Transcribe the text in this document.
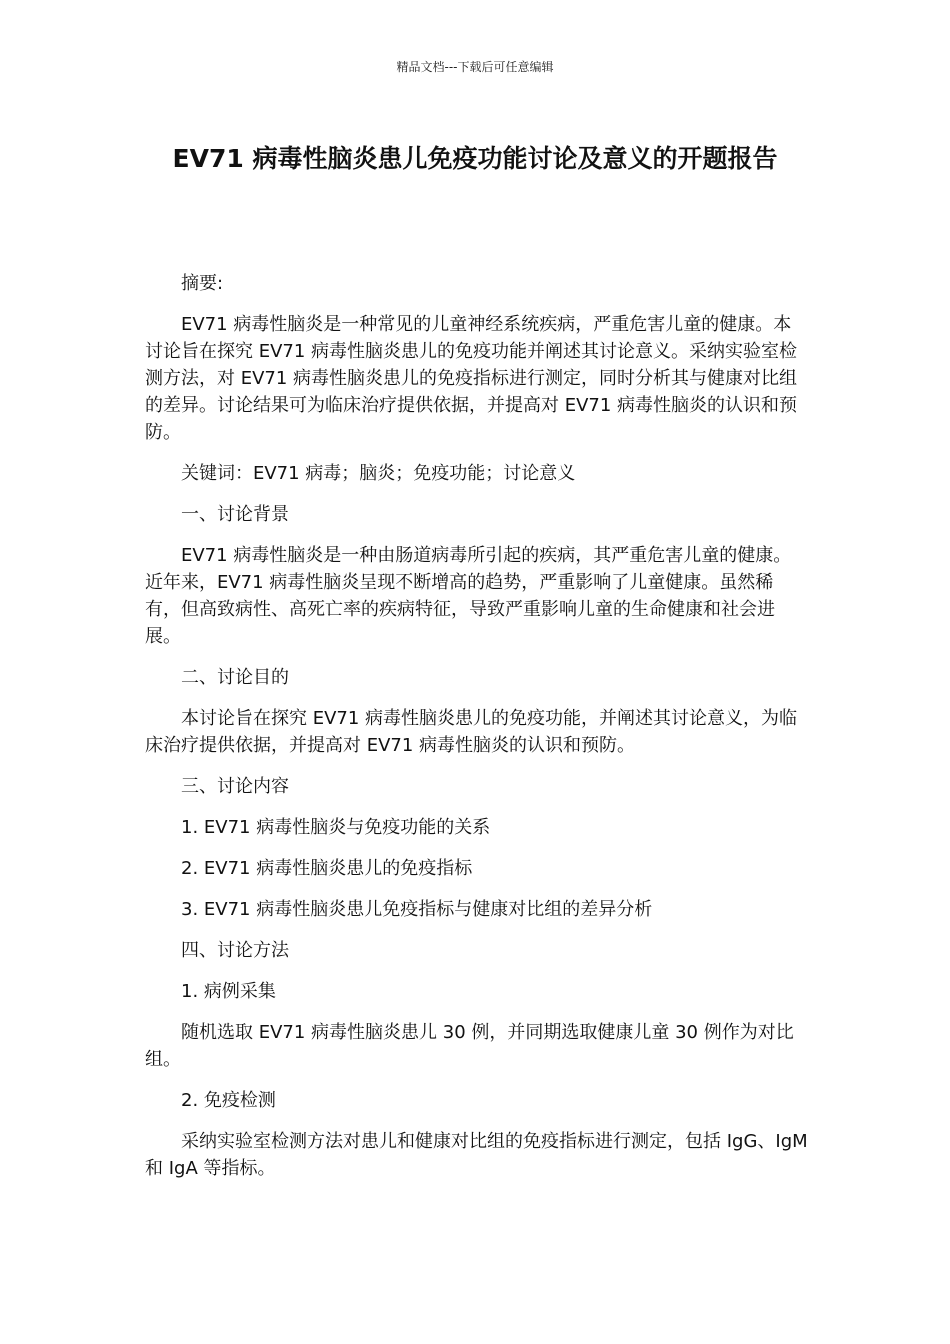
精品文档---下载后可任意编辑
EV71 病毒性脑炎患儿免疫功能讨论及意义的开题报告

摘要:

EV71 病毒性脑炎是一种常见的儿童神经系统疾病，严重危害儿童的健康。本讨论旨在探究 EV71 病毒性脑炎患儿的免疫功能并阐述其讨论意义。采纳实验室检测方法，对 EV71 病毒性脑炎患儿的免疫指标进行测定，同时分析其与健康对比组的差异。讨论结果可为临床治疗提供依据，并提高对 EV71 病毒性脑炎的认识和预防。

关键词：EV71 病毒；脑炎；免疫功能；讨论意义

一、讨论背景

EV71 病毒性脑炎是一种由肠道病毒所引起的疾病，其严重危害儿童的健康。近年来，EV71 病毒性脑炎呈现不断增高的趋势，严重影响了儿童健康。虽然稀有，但高致病性、高死亡率的疾病特征，导致严重影响儿童的生命健康和社会进展。

二、讨论目的

本讨论旨在探究 EV71 病毒性脑炎患儿的免疫功能，并阐述其讨论意义，为临床治疗提供依据，并提高对 EV71 病毒性脑炎的认识和预防。

三、讨论内容

1. EV71 病毒性脑炎与免疫功能的关系

2. EV71 病毒性脑炎患儿的免疫指标

3. EV71 病毒性脑炎患儿免疫指标与健康对比组的差异分析

四、讨论方法

1. 病例采集

随机选取 EV71 病毒性脑炎患儿 30 例，并同期选取健康儿童 30 例作为对比组。

2. 免疫检测

采纳实验室检测方法对患儿和健康对比组的免疫指标进行测定，包括 IgG、IgM 和 IgA 等指标。
